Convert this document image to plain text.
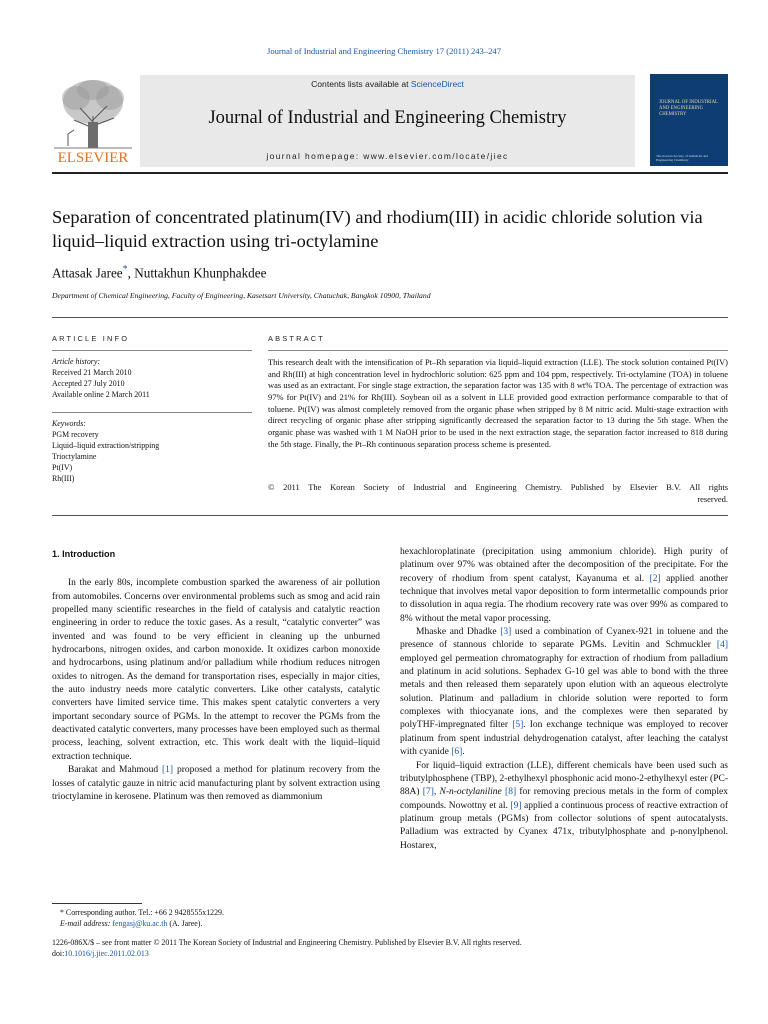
Journal of Industrial and Engineering Chemistry 17 (2011) 243–247
Contents lists available at ScienceDirect
Journal of Industrial and Engineering Chemistry
journal homepage: www.elsevier.com/locate/jiec
ELSEVIER
JOURNAL OF INDUSTRIAL AND ENGINEERING CHEMISTRY
The Korean Society of Industrial and Engineering Chemistry
Separation of concentrated platinum(IV) and rhodium(III) in acidic chloride solution via liquid–liquid extraction using tri-octylamine
Attasak Jaree*, Nuttakhun Khunphakdee
Department of Chemical Engineering, Faculty of Engineering, Kasetsart University, Chatuchak, Bangkok 10900, Thailand
ARTICLE INFO
Article history:
Received 21 March 2010
Accepted 27 July 2010
Available online 2 March 2011
Keywords:
PGM recovery
Liquid–liquid extraction/stripping
Trioctylamine
Pt(IV)
Rh(III)
ABSTRACT
This research dealt with the intensification of Pt–Rh separation via liquid–liquid extraction (LLE). The stock solution contained Pt(IV) and Rh(III) at high concentration level in hydrochloric solution: 625 ppm and 104 ppm, respectively. Tri-octylamine (TOA) in toluene was used as an extractant. For single stage extraction, the separation factor was 135 with 8 wt% TOA. The percentage of extraction was 97% for Pt(IV) and 21% for Rh(III). Soybean oil as a solvent in LLE provided good extraction performance comparable to that of toluene. Pt(IV) was almost completely removed from the organic phase when stripped by 8 M nitric acid. Multi-stage extraction with direct recycling of organic phase after stripping significantly decreased the separation factor to 13 during the 5th stage. When the organic phase was washed with 1 M NaOH prior to be used in the next extraction stage, the separation factor increased to 818 during the 5th stage. Finally, the Pt–Rh continuous separation process scheme is presented.
© 2011 The Korean Society of Industrial and Engineering Chemistry. Published by Elsevier B.V. All rights
reserved.

1. Introduction

In the early 80s, incomplete combustion sparked the awareness of air pollution from automobiles. Concerns over environmental problems such as smog and acid rain propelled many scientific researches in the field of catalysis and catalytic reaction engineering in order to reduce the toxic gases. As a result, “catalytic converter” was invented and was found to be very efficient in cleaning up the unburned hydrocarbons, nitrogen oxides, and carbon monoxide. It oxidizes carbon monoxide and hydrocarbons, using platinum and/or palladium while rhodium reduces nitrogen oxides to nitrogen. As the demand for transportation rises, especially in major cities, the auto industry needs more catalytic converters. Like other catalysts, catalytic converters have limited service time. This makes spent catalytic converters a very important secondary source of PGMs. In the attempt to recover the PGMs from the deactivated catalytic converters, many processes have been employed such as thermal process, leaching, solvent extraction, etc. This work dealt with the liquid–liquid extraction technique.

Barakat and Mahmoud [1] proposed a method for platinum recovery from the losses of catalytic gauze in nitric acid manufacturing plant by solvent extraction using trioctylamine in kerosene. Platinum was then removed as diammonium

hexachloroplatinate (precipitation using ammonium chloride). High purity of platinum over 97% was obtained after the decomposition of the precipitate. For the recovery of rhodium from spent catalyst, Kayanuma et al. [2] applied another technique that involves metal vapor deposition to form intermetallic compounds prior to dissolution in aqua regia. The rhodium recovery rate was over 99% as compared to 8% without the metal vapor processing.

Mhaske and Dhadke [3] used a combination of Cyanex-921 in toluene and the presence of stannous chloride to separate PGMs. Levitin and Schmuckler [4] employed gel permeation chromatography for extraction of rhodium from palladium and platinum in acid solutions. Sephadex G-10 gel was able to bond with the three metals and then released them separately upon elution with an aqueous electrolyte solution. Platinum and palladium in chloride solution were reported to form complexes with thiocyanate ions, and the complexes were then separated by polyTHF-impregnated filter [5]. Ion exchange technique was employed to recover platinum from spent industrial dehydrogenation catalyst, after leaching the catalyst with cyanide [6].

For liquid–liquid extraction (LLE), different chemicals have been used such as tributylphosphene (TBP), 2-ethylhexyl phosphonic acid mono-2-ethylhexyl ester (PC-88A) [7], N-n-octylaniline [8] for removing precious metals in the form of complex compounds. Nowottny et al. [9] applied a continuous process of reactive extraction of platinum group metals (PGMs) from collector solutions of spent autocatalysts. Palladium was extracted by Cyanex 471x, tributylphosphate and p-nonylphenol. Hostarex,

* Corresponding author. Tel.: +66 2 9428555x1229.
E-mail address: fengasj@ku.ac.th (A. Jaree).
1226-086X/$ – see front matter © 2011 The Korean Society of Industrial and Engineering Chemistry. Published by Elsevier B.V. All rights reserved.
doi:10.1016/j.jiec.2011.02.013
